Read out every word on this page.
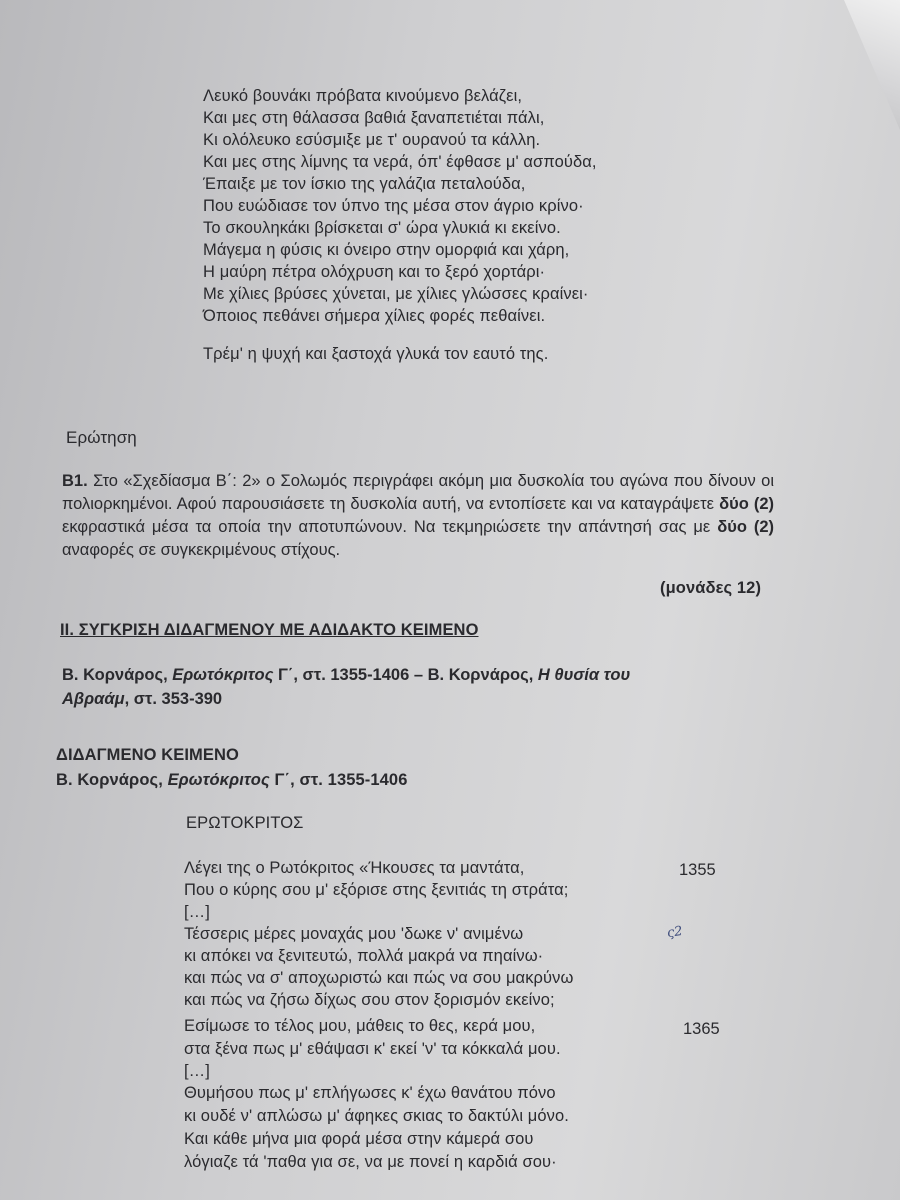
Λευκό βουνάκι πρόβατα κινούμενο βελάζει,
Και μες στη θάλασσα βαθιά ξαναπετιέται πάλι,
Κι ολόλευκο εσύσμιξε με τ' ουρανού τα κάλλη.
Και μες στης λίμνης τα νερά, όπ' έφθασε μ' ασπούδα,
Έπαιξε με τον ίσκιο της γαλάζια πεταλούδα,
Που ευώδιασε τον ύπνο της μέσα στον άγριο κρίνο·
Το σκουληκάκι βρίσκεται σ' ώρα γλυκιά κι εκείνο.
Μάγεμα η φύσις κι όνειρο στην ομορφιά και χάρη,
Η μαύρη πέτρα ολόχρυση και το ξερό χορτάρι·
Με χίλιες βρύσες χύνεται, με χίλιες γλώσσες κραίνει·
Όποιος πεθάνει σήμερα χίλιες φορές πεθαίνει.
Τρέμ' η ψυχή και ξαστοχά γλυκά τον εαυτό της.
Ερώτηση
Β1. Στο «Σχεδίασμα Β΄: 2» ο Σολωμός περιγράφει ακόμη μια δυσκολία του αγώνα που δίνουν οι πολιορκημένοι. Αφού παρουσιάσετε τη δυσκολία αυτή, να εντοπίσετε και να καταγράψετε δύο (2) εκφραστικά μέσα τα οποία την αποτυπώνουν. Να τεκμηριώσετε την απάντησή σας με δύο (2) αναφορές σε συγκεκριμένους στίχους.
(μονάδες 12)
ΙΙ. ΣΥΓΚΡΙΣΗ ΔΙΔΑΓΜΕΝΟΥ ΜΕ ΑΔΙΔΑΚΤΟ ΚΕΙΜΕΝΟ
Β. Κορνάρος, Ερωτόκριτος Γ΄, στ. 1355-1406 – Β. Κορνάρος, Η θυσία του
Αβραάμ, στ. 353-390
ΔΙΔΑΓΜΕΝΟ ΚΕΙΜΕΝΟ
Β. Κορνάρος, Ερωτόκριτος Γ΄, στ. 1355-1406
ΕΡΩΤΟΚΡΙΤΟΣ
Λέγει της ο Ρωτόκριτος «Ήκουσες τα μαντάτα,
Που ο κύρης σου μ' εξόρισε στης ξενιτιάς τη στράτα;
[…]
Τέσσερις μέρες μοναχάς μου 'δωκε ν' ανιμένω
κι απόκει να ξενιτευτώ, πολλά μακρά να πηαίνω·
και πώς να σ' αποχωριστώ και πώς να σου μακρύνω
και πώς να ζήσω δίχως σου στον ξορισμόν εκείνο;
Εσίμωσε το τέλος μου, μάθεις το θες, κερά μου,
στα ξένα πως μ' εθάψασι κ' εκεί 'ν' τα κόκκαλά μου.
[…]
Θυμήσου πως μ' επλήγωσες κ' έχω θανάτου πόνο
κι ουδέ ν' απλώσω μ' άφηκες σκιας το δακτύλι μόνο.
Και κάθε μήνα μια φορά μέσα στην κάμερά σου
λόγιαζε τά 'παθα για σε, να με πονεί η καρδιά σου·
1355
1365
ς2
